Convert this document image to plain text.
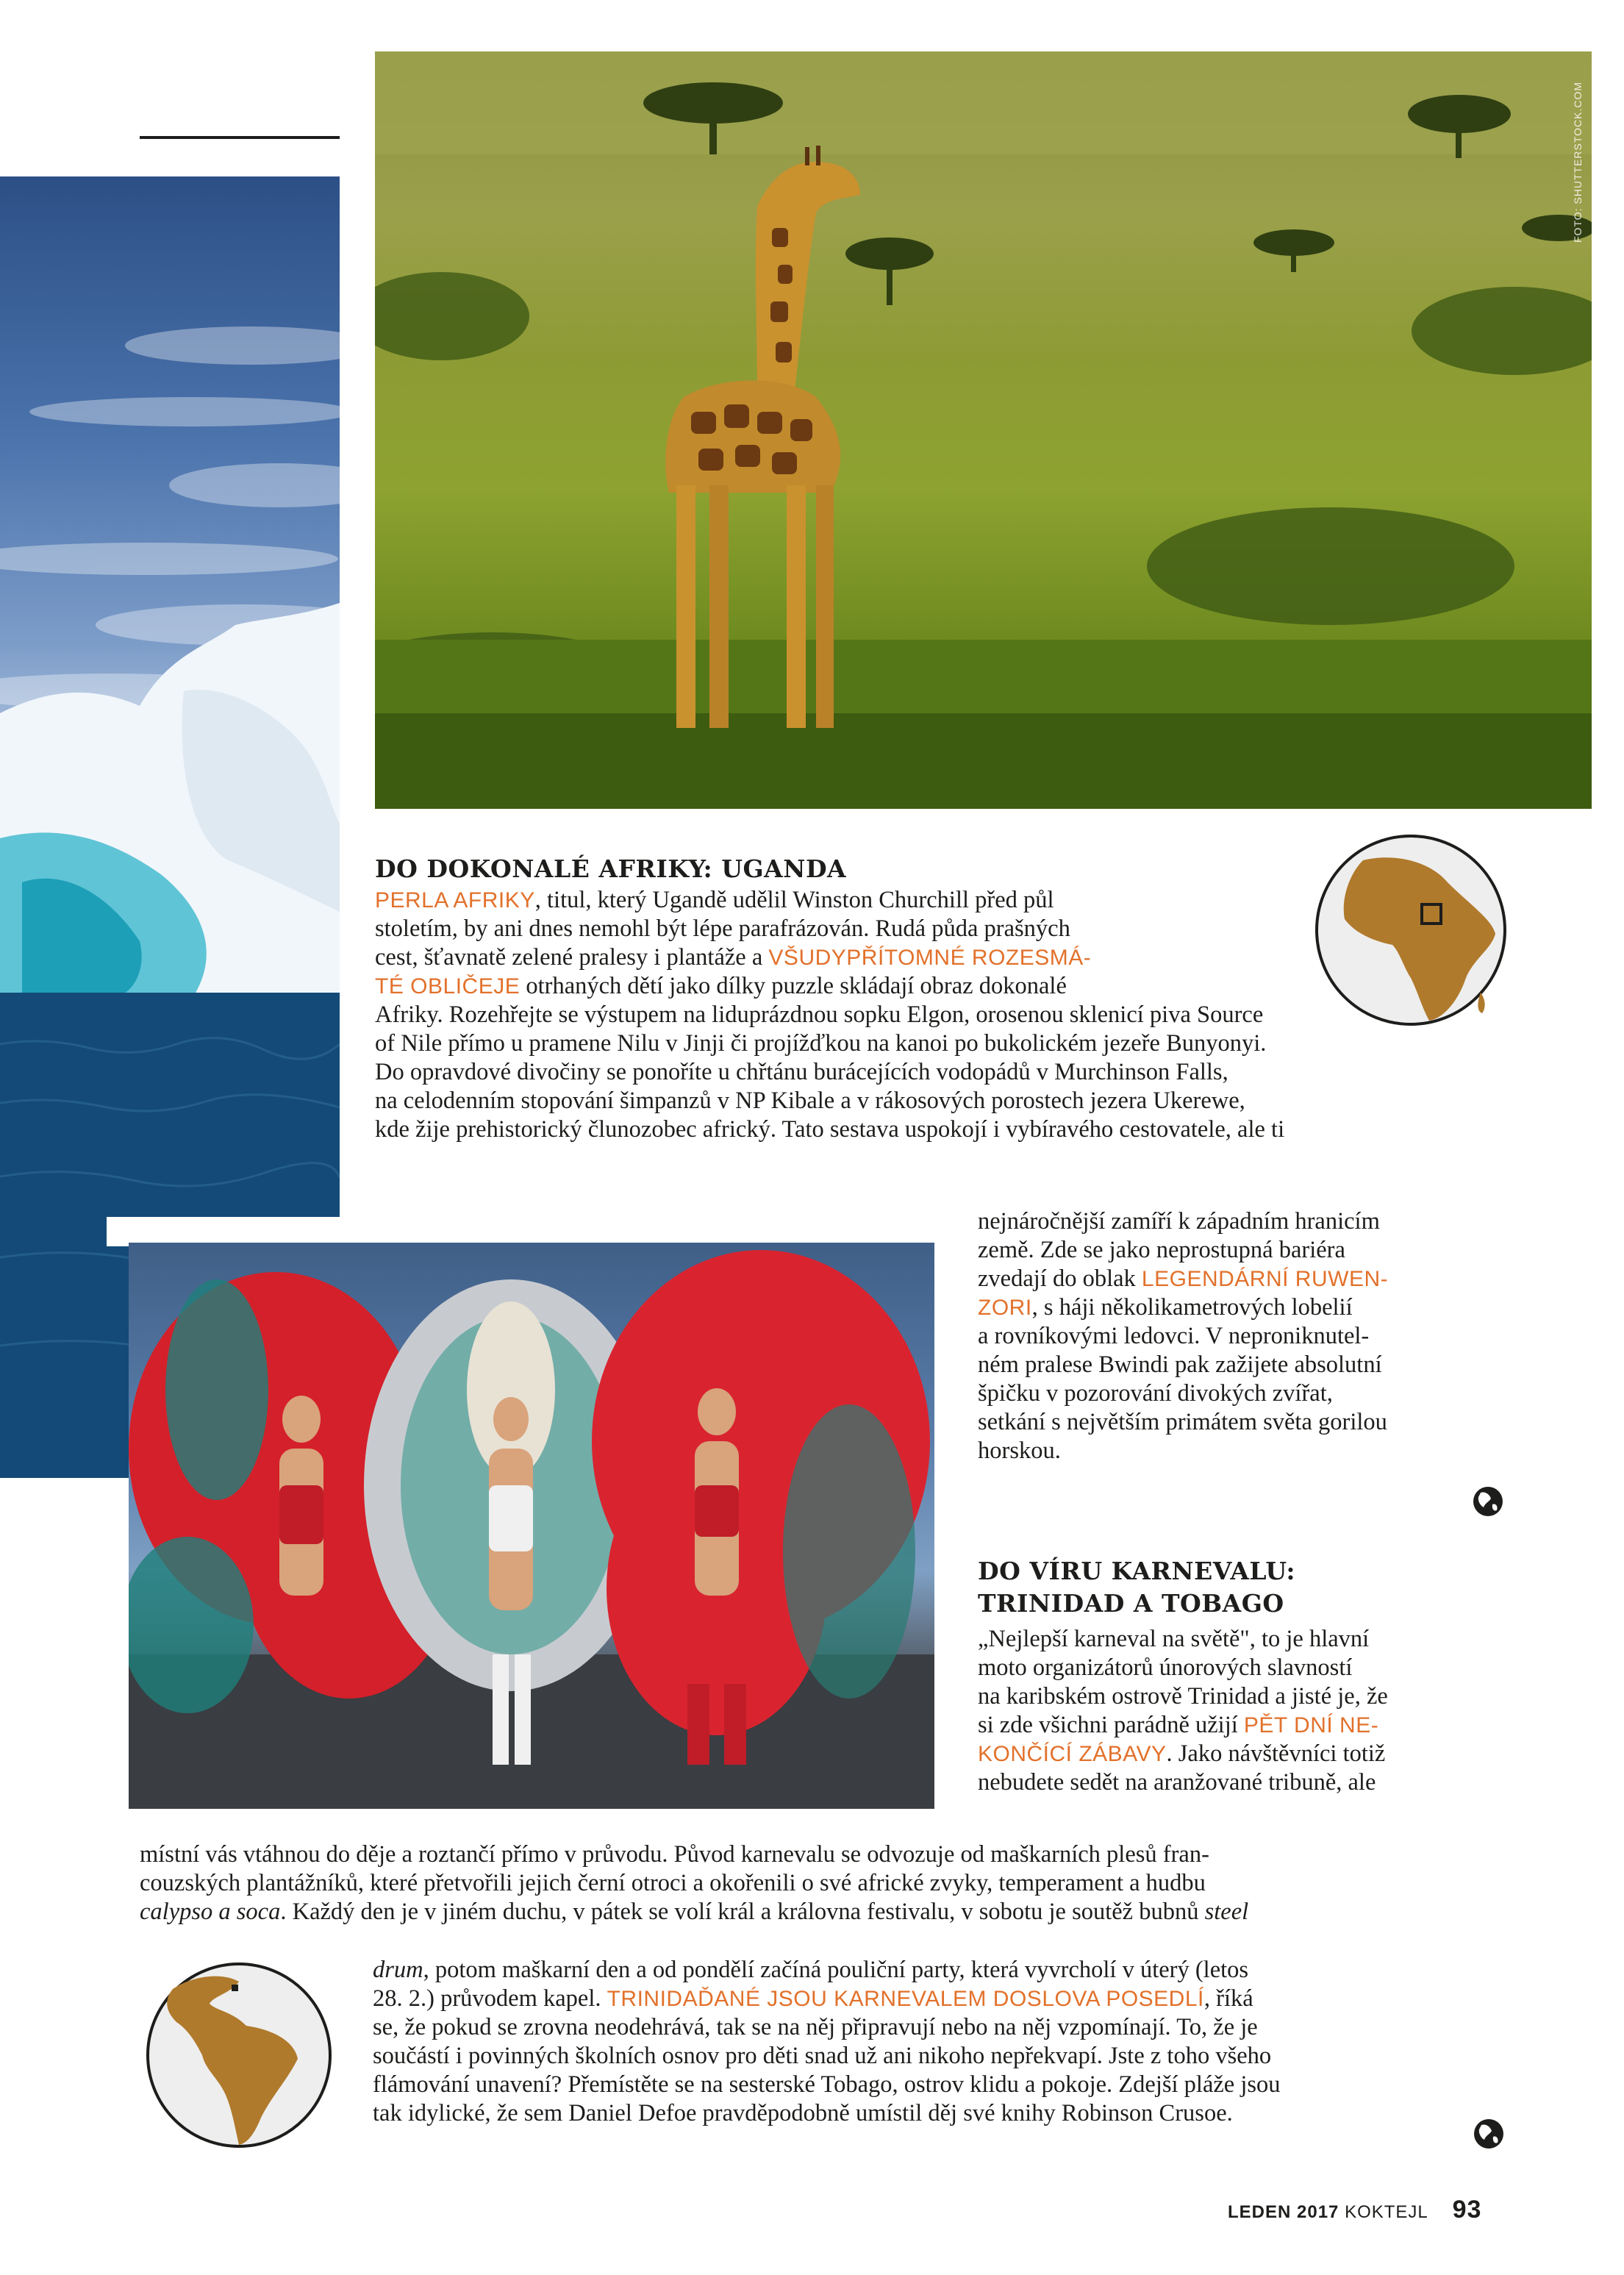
FOTO: SHUTTERSTOCK.COM
DO DOKONALÉ AFRIKY: UGANDA
PERLA AFRIKY, titul, který Ugandě udělil Winston Churchill před půl
stoletím, by ani dnes nemohl být lépe parafrázován. Rudá půda prašných
cest, šťavnatě zelené pralesy i plantáže a VŠUDYPŘÍTOMNÉ ROZESMÁ-
TÉ OBLIČEJE otrhaných dětí jako dílky puzzle skládají obraz dokonalé
Afriky. Rozehřejte se výstupem na liduprázdnou sopku Elgon, orosenou sklenicí piva Source
of Nile přímo u pramene Nilu v Jinji či projížďkou na kanoi po bukolickém jezeře Bunyonyi.
Do opravdové divočiny se ponoříte u chřtánu burácejících vodopádů v Murchinson Falls,
na celodenním stopování šimpanzů v NP Kibale a v rákosových porostech jezera Ukerewe,
kde žije prehistorický člunozobec africký. Tato sestava uspokojí i vybíravého cestovatele, ale ti
nejnáročnější zamíří k západním hranicím
země. Zde se jako neprostupná bariéra
zvedají do oblak LEGENDÁRNÍ RUWEN-
ZORI, s háji několikametrových lobelií
a rovníkovými ledovci. V neproniknutel-
ném pralese Bwindi pak zažijete absolutní
špičku v pozorování divokých zvířat,
setkání s největším primátem světa gorilou
horskou.
DO VÍRU KARNEVALU:
TRINIDAD A TOBAGO
„Nejlepší karneval na světě", to je hlavní
moto organizátorů únorových slavností
na karibském ostrově Trinidad a jisté je, že
si zde všichni parádně užijí PĚT DNÍ NE-
KONČÍCÍ ZÁBAVY. Jako návštěvníci totiž
nebudete sedět na aranžované tribuně, ale
místní vás vtáhnou do děje a roztančí přímo v průvodu. Původ karnevalu se odvozuje od maškarních plesů fran-
couzských plantážníků, které přetvořili jejich černí otroci a okořenili o své africké zvyky, temperament a hudbu
calypso a soca. Každý den je v jiném duchu, v pátek se volí král a královna festivalu, v sobotu je soutěž bubnů steel
drum, potom maškarní den a od pondělí začíná pouliční party, která vyvrcholí v úterý (letos
28. 2.) průvodem kapel. TRINIDAĎANÉ JSOU KARNEVALEM DOSLOVA POSEDLÍ, říká
se, že pokud se zrovna neodehrává, tak se na něj připravují nebo na něj vzpomínají. To, že je
součástí i povinných školních osnov pro děti snad už ani nikoho nepřekvapí. Jste z toho všeho
flámování unavení? Přemístěte se na sesterské Tobago, ostrov klidu a pokoje. Zdejší pláže jsou
tak idylické, že sem Daniel Defoe pravděpodobně umístil děj své knihy Robinson Crusoe.
LEDEN 2017 KOKTEJL 93
